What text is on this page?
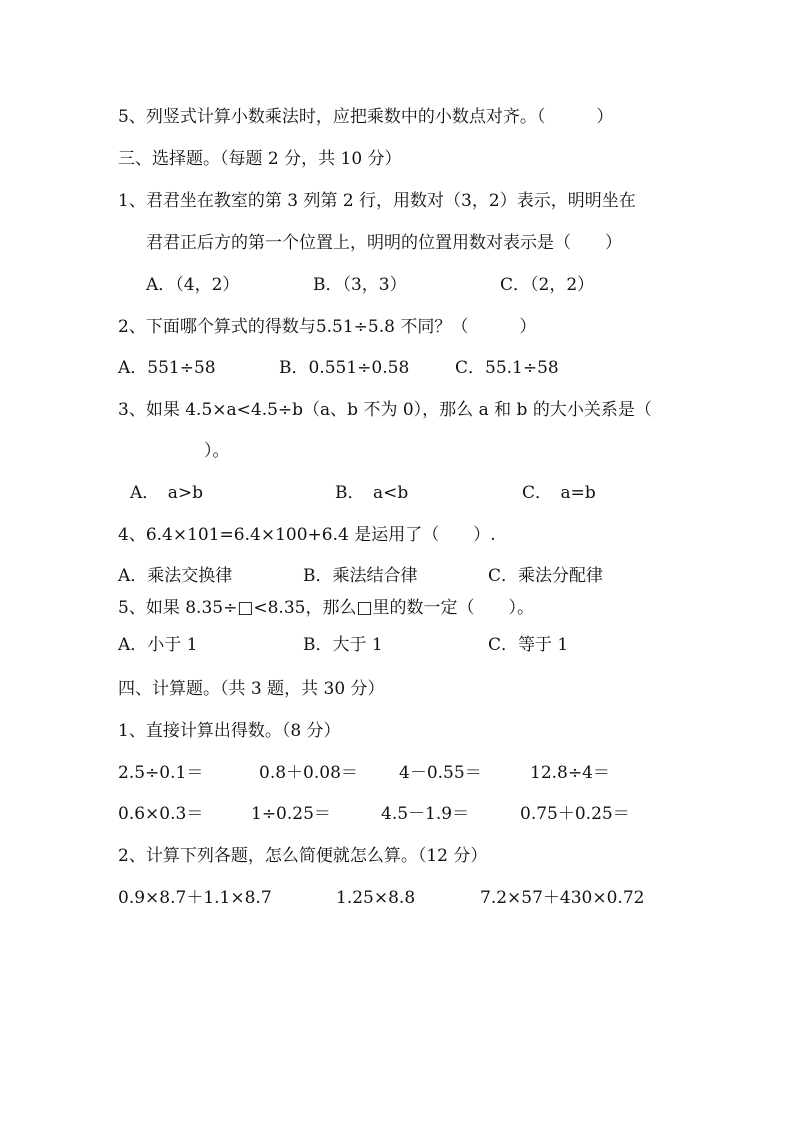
5、列竖式计算小数乘法时，应把乘数中的小数点对齐。（　　　）
三、选择题。（每题 2 分，共 10 分）
1、君君坐在教室的第 3 列第 2 行，用数对（3，2）表示，明明坐在
君君正后方的第一个位置上，明明的位置用数对表示是（　　）
A．（4，2）	B．（3，3）	C．（2，2）
2、下面哪个算式的得数与5.51÷5.8 不同？（　　　）
A．551÷58	B．0.551÷0.58	C．55.1÷58
3、如果 4.5×a<4.5÷b（a、b 不为 0），那么 a 和 b 的大小关系是（
）。
A．　a>b	B．　a<b	C．　a=b
4、6.4×101=6.4×100+6.4 是运用了（　　）.
A．乘法交换律	B．乘法结合律	C．乘法分配律
5、如果 8.35÷□<8.35，那么□里的数一定（　　）。
A．小于 1	B．大于 1	C．等于 1
四、计算题。（共 3 题，共 30 分）
1、直接计算出得数。（8 分）
2.5÷0.1＝	0.8＋0.08＝ 4－0.55＝	12.8÷4＝
0.6×0.3＝	1÷0.25＝	4.5－1.9＝	0.75＋0.25＝
2、计算下列各题，怎么简便就怎么算。（12 分）
0.9×8.7＋1.1×8.7	1.25×8.8	7.2×57＋430×0.72
